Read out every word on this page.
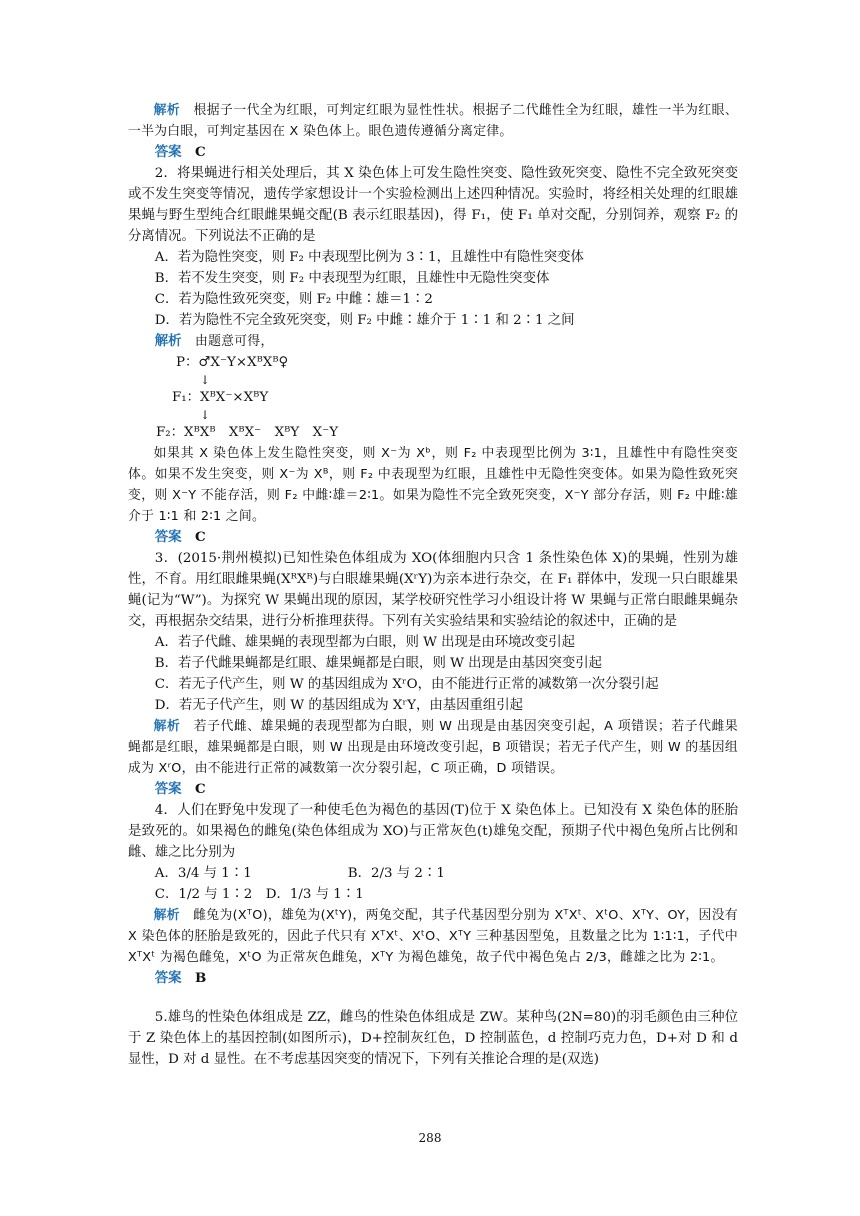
解析　 根据子一代全为红眼，可判定红眼为显性性状。根据子二代雌性全为红眼，雄性一半为红眼、一半为白眼，可判定基因在 X 染色体上。眼色遗传遵循分离定律。

答案　 C

2．将果蝇进行相关处理后，其 X 染色体上可发生隐性突变、隐性致死突变、隐性不完全致死突变或不发生突变等情况，遗传学家想设计一个实验检测出上述四种情况。实验时，将经相关处理的红眼雄果蝇与野生型纯合红眼雌果蝇交配(B 表示红眼基因)，得 F₁，使 F₁ 单对交配，分别饲养，观察 F₂ 的分离情况。下列说法不正确的是

A．若为隐性突变，则 F₂ 中表现型比例为 3∶1，且雄性中有隐性突变体

B．若不发生突变，则 F₂ 中表现型为红眼，且雄性中无隐性突变体

C．若为隐性致死突变，则 F₂ 中雌∶雄＝1∶2

D．若为隐性不完全致死突变，则 F₂ 中雌∶雄介于 1∶1 和 2∶1 之间

解析　 由题意可得，

P：♂X⁻Y×XᴮXᴮ♀

↓

F₁：XᴮX⁻×XᴮY

↓

F₂：XᴮXᴮ　XᴮX⁻　XᴮY　X⁻Y

如果其 X 染色体上发生隐性突变，则 X⁻为 Xᵇ，则 F₂ 中表现型比例为 3∶1，且雄性中有隐性突变体。如果不发生突变，则 X⁻为 Xᴮ，则 F₂ 中表现型为红眼，且雄性中无隐性突变体。如果为隐性致死突变，则 X⁻Y 不能存活，则 F₂ 中雌∶雄＝2∶1。如果为隐性不完全致死突变，X⁻Y 部分存活，则 F₂ 中雌∶雄介于 1∶1 和 2∶1 之间。

答案　 C

3．(2015·荆州模拟)已知性染色体组成为 XO(体细胞内只含 1 条性染色体 X)的果蝇，性别为雄性，不育。用红眼雌果蝇(XᴿXᴿ)与白眼雄果蝇(XʳY)为亲本进行杂交，在 F₁ 群体中，发现一只白眼雄果蝇(记为“W”)。为探究 W 果蝇出现的原因，某学校研究性学习小组设计将 W 果蝇与正常白眼雌果蝇杂交，再根据杂交结果，进行分析推理获得。下列有关实验结果和实验结论的叙述中，正确的是

A．若子代雌、雄果蝇的表现型都为白眼，则 W 出现是由环境改变引起

B．若子代雌果蝇都是红眼、雄果蝇都是白眼，则 W 出现是由基因突变引起

C．若无子代产生，则 W 的基因组成为 XʳO，由不能进行正常的减数第一次分裂引起

D．若无子代产生，则 W 的基因组成为 XʳY，由基因重组引起

解析　 若子代雌、雄果蝇的表现型都为白眼，则 W 出现是由基因突变引起，A 项错误；若子代雌果蝇都是红眼，雄果蝇都是白眼，则 W 出现是由环境改变引起，B 项错误；若无子代产生，则 W 的基因组成为 XʳO，由不能进行正常的减数第一次分裂引起，C 项正确，D 项错误。

答案　 C

4．人们在野兔中发现了一种使毛色为褐色的基因(T)位于 X 染色体上。已知没有 X 染色体的胚胎是致死的。如果褐色的雌兔(染色体组成为 XO)与正常灰色(t)雄兔交配，预期子代中褐色兔所占比例和雌、雄之比分别为

A．3/4 与 1∶1	B．2/3 与 2∶1

C．1/2 与 1∶2　D．1/3 与 1∶1

解析　 雌兔为(XᵀO)，雄兔为(XᵗY)，两兔交配，其子代基因型分别为 XᵀXᵗ、XᵗO、XᵀY、OY，因没有 X 染色体的胚胎是致死的，因此子代只有 XᵀXᵗ、XᵗO、XᵀY 三种基因型兔，且数量之比为 1∶1∶1，子代中 XᵀXᵗ 为褐色雌兔，XᵗO 为正常灰色雌兔，XᵀY 为褐色雄兔，故子代中褐色兔占 2/3，雌雄之比为 2∶1。

答案　 B

5.雄鸟的性染色体组成是 ZZ，雌鸟的性染色体组成是 ZW。某种鸟(2N=80)的羽毛颜色由三种位于 Z 染色体上的基因控制(如图所示)，D+控制灰红色，D 控制蓝色，d 控制巧克力色，D+对 D 和 d 显性，D 对 d 显性。在不考虑基因突变的情况下，下列有关推论合理的是(双选)

288
